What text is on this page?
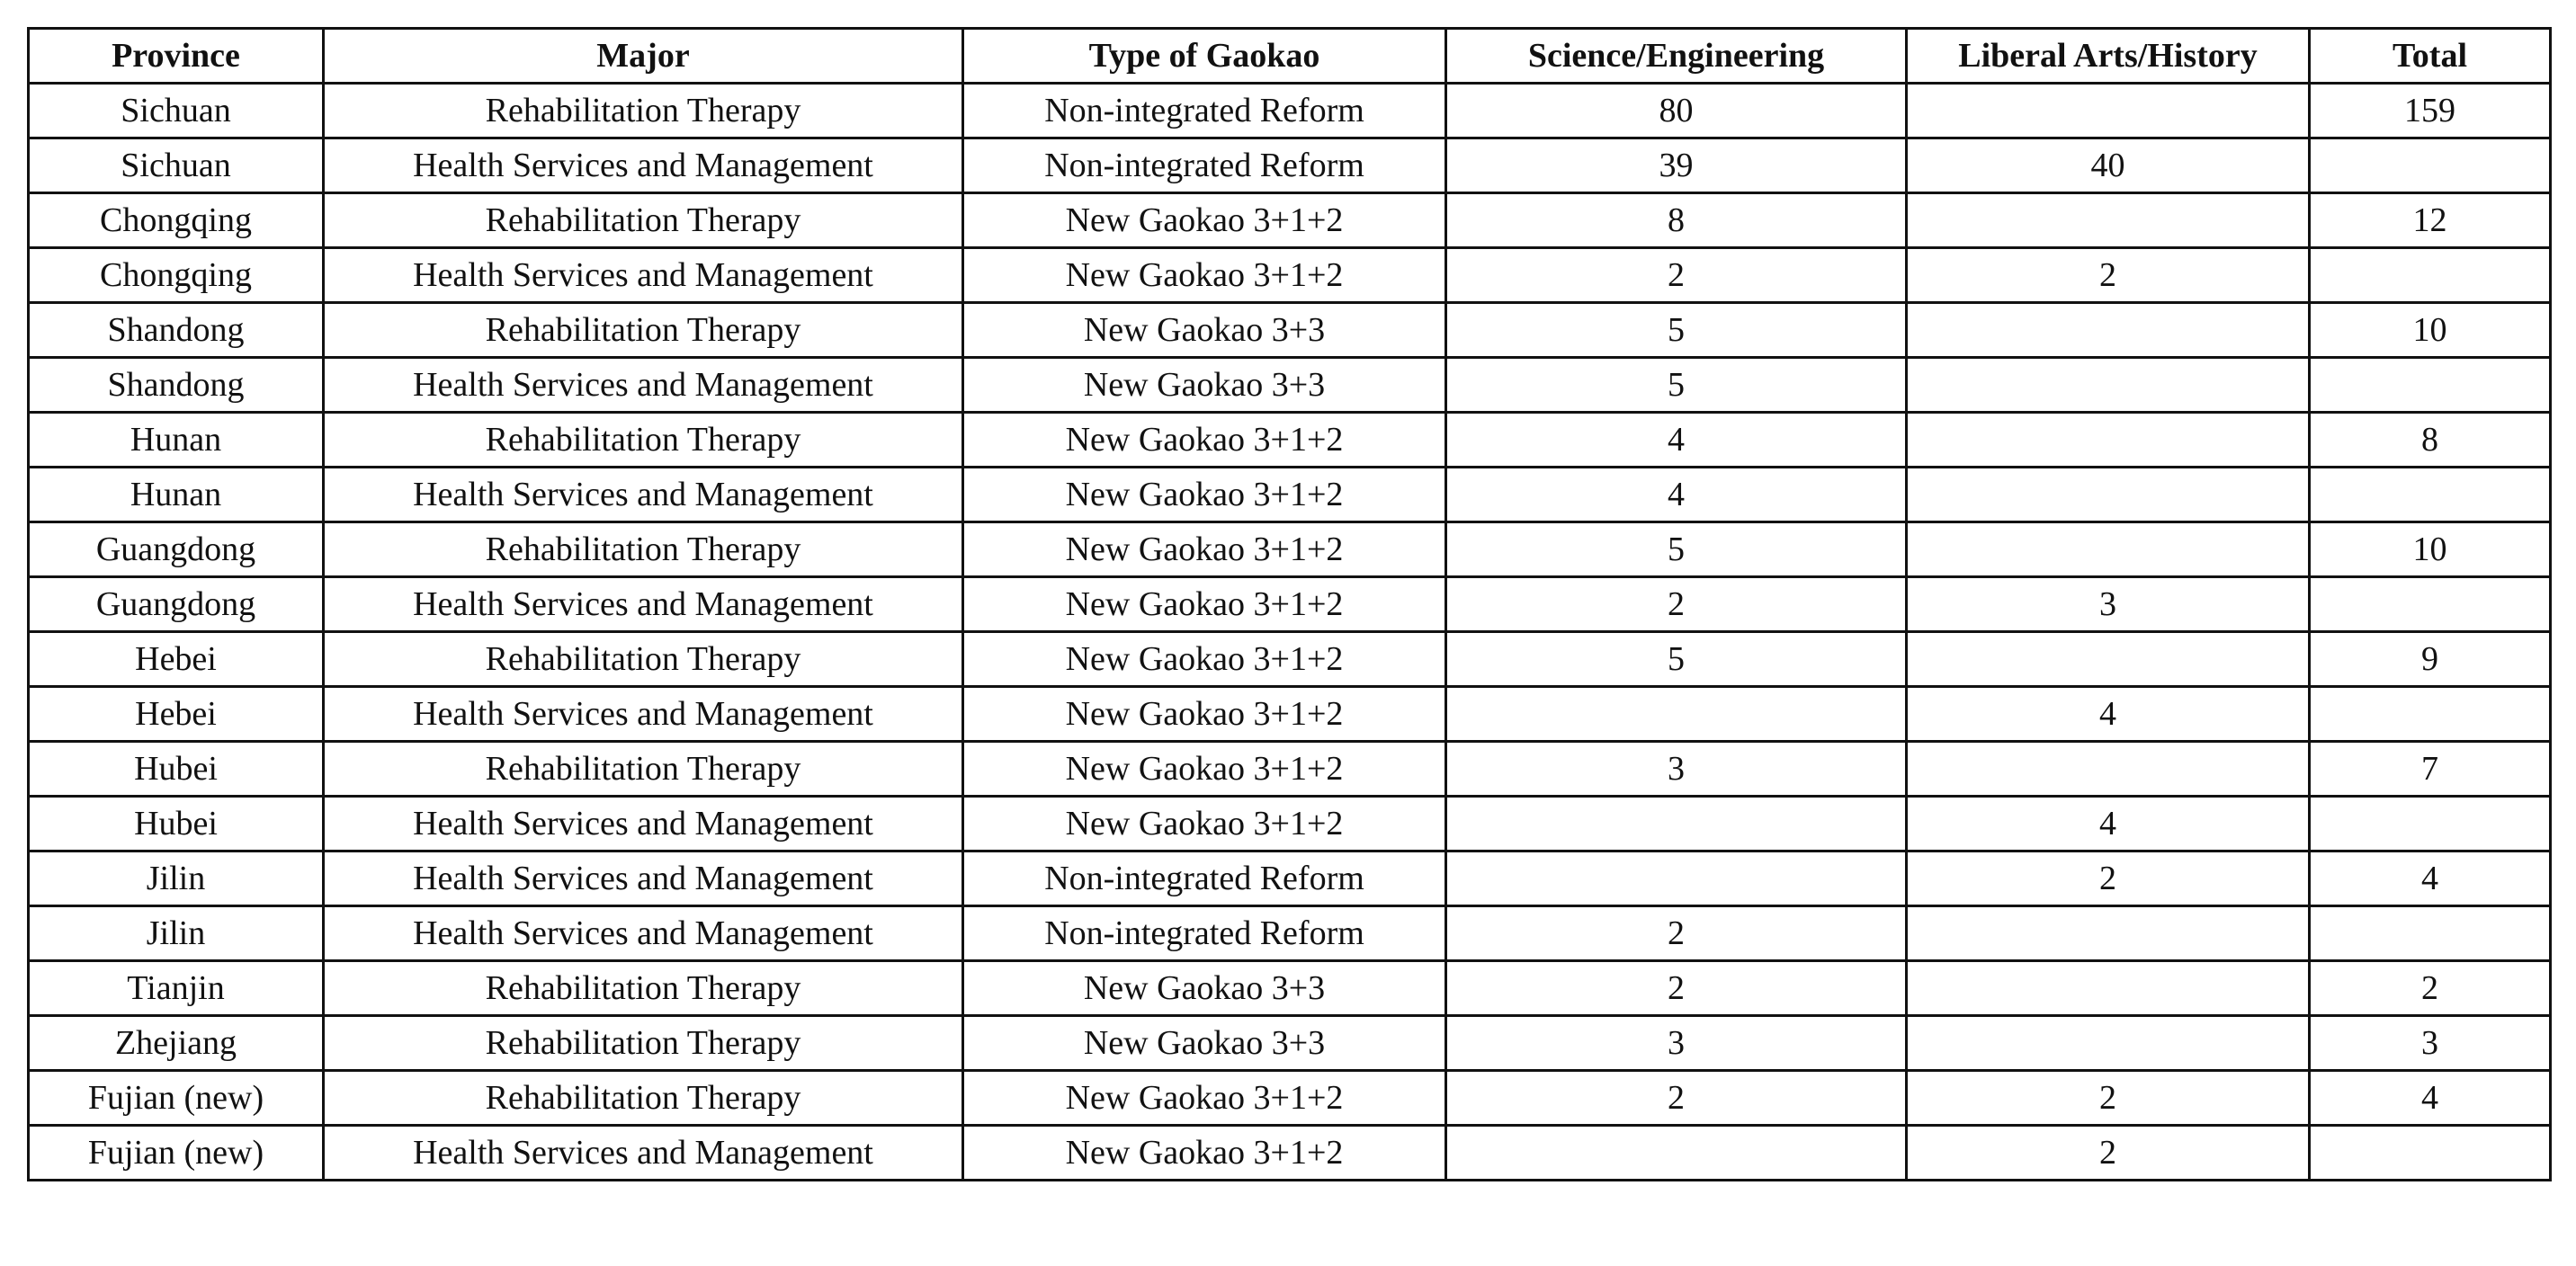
Province	Major	Type of Gaokao	Science/Engineering	Liberal Arts/History	Total
Sichuan	Rehabilitation Therapy	Non-integrated Reform	80		159
Sichuan	Health Services and Management	Non-integrated Reform	39	40	
Chongqing	Rehabilitation Therapy	New Gaokao 3+1+2	8		12
Chongqing	Health Services and Management	New Gaokao 3+1+2	2	2	
Shandong	Rehabilitation Therapy	New Gaokao 3+3	5		10
Shandong	Health Services and Management	New Gaokao 3+3	5		
Hunan	Rehabilitation Therapy	New Gaokao 3+1+2	4		8
Hunan	Health Services and Management	New Gaokao 3+1+2	4		
Guangdong	Rehabilitation Therapy	New Gaokao 3+1+2	5		10
Guangdong	Health Services and Management	New Gaokao 3+1+2	2	3	
Hebei	Rehabilitation Therapy	New Gaokao 3+1+2	5		9
Hebei	Health Services and Management	New Gaokao 3+1+2		4	
Hubei	Rehabilitation Therapy	New Gaokao 3+1+2	3		7
Hubei	Health Services and Management	New Gaokao 3+1+2		4	
Jilin	Health Services and Management	Non-integrated Reform		2	4
Jilin	Health Services and Management	Non-integrated Reform	2		
Tianjin	Rehabilitation Therapy	New Gaokao 3+3	2		2
Zhejiang	Rehabilitation Therapy	New Gaokao 3+3	3		3
Fujian (new)	Rehabilitation Therapy	New Gaokao 3+1+2	2	2	4
Fujian (new)	Health Services and Management	New Gaokao 3+1+2		2	
